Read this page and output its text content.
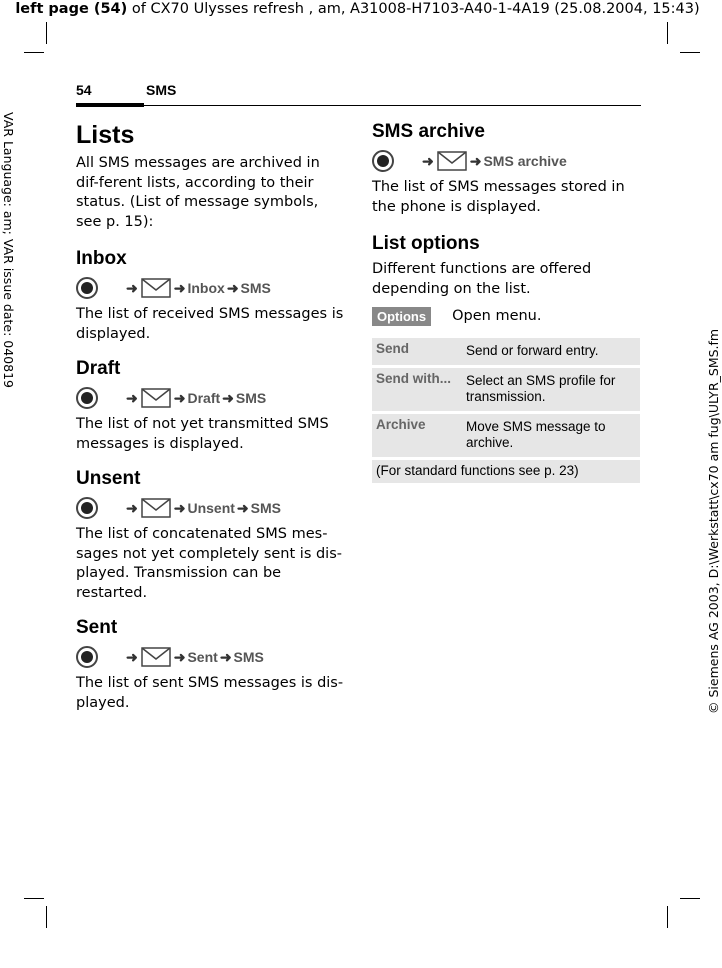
left page (54) of CX70 Ulysses refresh , am, A31008-H7103-A40-1-4A19 (25.08.2004, 15:43)
VAR Language: am; VAR issue date: 040819
© Siemens AG 2003, D:\Werkstatt\cx70 am fug\ULYR_SMS.fm
54	SMS
Lists

All SMS messages are archived in dif-ferent lists, according to their status. (List of message symbols, see p. 15):

Inbox
➜	➜ Inbox ➜ SMS

The list of received SMS messages is displayed.

Draft
➜	➜ Draft ➜ SMS

The list of not yet transmitted SMS messages is displayed.

Unsent
➜	➜ Unsent ➜ SMS

The list of concatenated SMS mes-sages not yet completely sent is dis-played. Transmission can be restarted.

Sent
➜	➜ Sent ➜ SMS

The list of sent SMS messages is dis-played.

SMS archive
➜	➜ SMS archive

The list of SMS messages stored in the phone is displayed.

List options

Different functions are offered depending on the list.

Options	Open menu.
Send	Send or forward entry.
Send with...	Select an SMS profile for transmission.
Archive	Move SMS message to archive.
(For standard functions see p. 23)	
